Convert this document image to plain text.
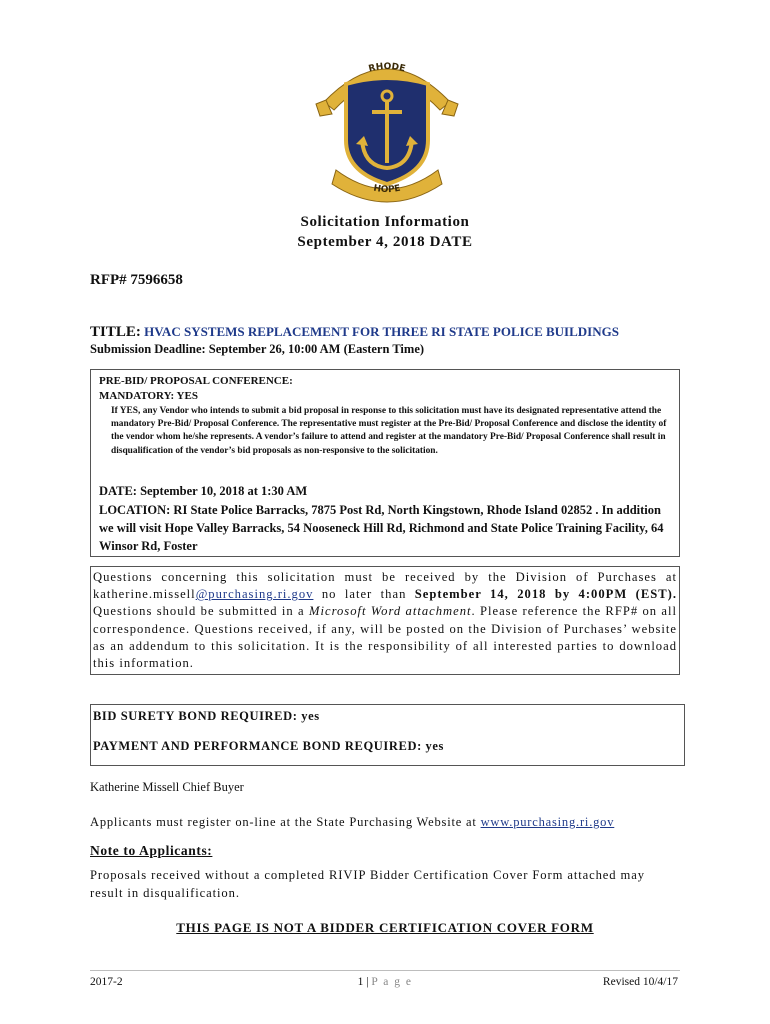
RHODE
HOPE
Solicitation Information
September 4, 2018 DATE
RFP# 7596658
TITLE: HVAC SYSTEMS REPLACEMENT FOR THREE RI STATE POLICE BUILDINGS
Submission Deadline: September 26, 10:00 AM (Eastern Time)
PRE-BID/ PROPOSAL CONFERENCE:
MANDATORY: YES
If YES, any Vendor who intends to submit a bid proposal in response to this solicitation must have its designated representative attend the mandatory Pre-Bid/ Proposal Conference. The representative must register at the Pre-Bid/ Proposal Conference and disclose the identity of the vendor whom he/she represents. A vendor’s failure to attend and register at the mandatory Pre-Bid/ Proposal Conference shall result in disqualification of the vendor’s bid proposals as non-responsive to the solicitation.
DATE: September 10, 2018 at 1:30 AM
LOCATION: RI State Police Barracks, 7875 Post Rd, North Kingstown, Rhode Island 02852 . In addition we will visit Hope Valley Barracks, 54 Nooseneck Hill Rd, Richmond and State Police Training Facility, 64 Winsor Rd, Foster
Questions concerning this solicitation must be received by the Division of Purchases at katherine.missell@purchasing.ri.gov no later than September 14, 2018 by 4:00PM (EST). Questions should be submitted in a Microsoft Word attachment. Please reference the RFP# on all correspondence. Questions received, if any, will be posted on the Division of Purchases’ website as an addendum to this solicitation. It is the responsibility of all interested parties to download this information.
BID SURETY BOND REQUIRED: yes
PAYMENT AND PERFORMANCE BOND REQUIRED: yes
Katherine Missell Chief Buyer
Applicants must register on-line at the State Purchasing Website at www.purchasing.ri.gov
Note to Applicants:
Proposals received without a completed RIVIP Bidder Certification Cover Form attached may result in disqualification.
THIS PAGE IS NOT A BIDDER CERTIFICATION COVER FORM
2017-2	1 | P a g e	Revised 10/4/17
